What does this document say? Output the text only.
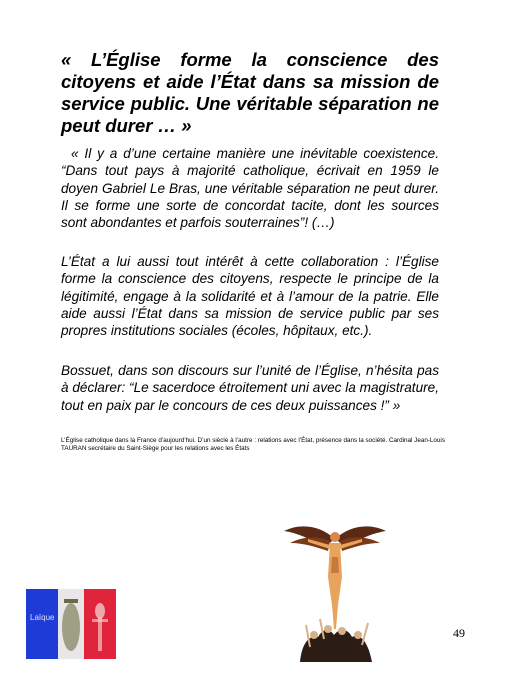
« L’Église forme la conscience des citoyens et aide l’État dans sa mission de service public. Une véritable séparation ne peut durer … »

« Il y a d’une certaine manière une inévitable coexistence. “Dans tout pays à majorité catholique, écrivait en 1959 le doyen Gabriel Le Bras, une véritable séparation ne peut durer. Il se forme une sorte de concordat tacite, dont les sources sont abondantes et parfois souterraines”! (…)

L’État a lui aussi tout intérêt à cette collaboration : l’Église forme la conscience des citoyens, respecte le principe de la légitimité, engage à la solidarité et à l’amour de la patrie. Elle aide aussi l’État dans sa mission de service public par ses propres institutions sociales (écoles, hôpitaux, etc.).

Bossuet, dans son discours sur l’unité de l’Église, n’hésita pas à déclarer: “Le sacerdoce étroitement uni avec la magistrature, tout en paix par le concours de ces deux puissances !” »

L’Église catholique dans la France d’aujourd’hui. D’un siècle à l’autre : relations avec l’État, présence dans la société. Cardinal Jean-Louis TAURAN secrétaire du Saint-Siège pour les relations avec les États

Laïque
49
